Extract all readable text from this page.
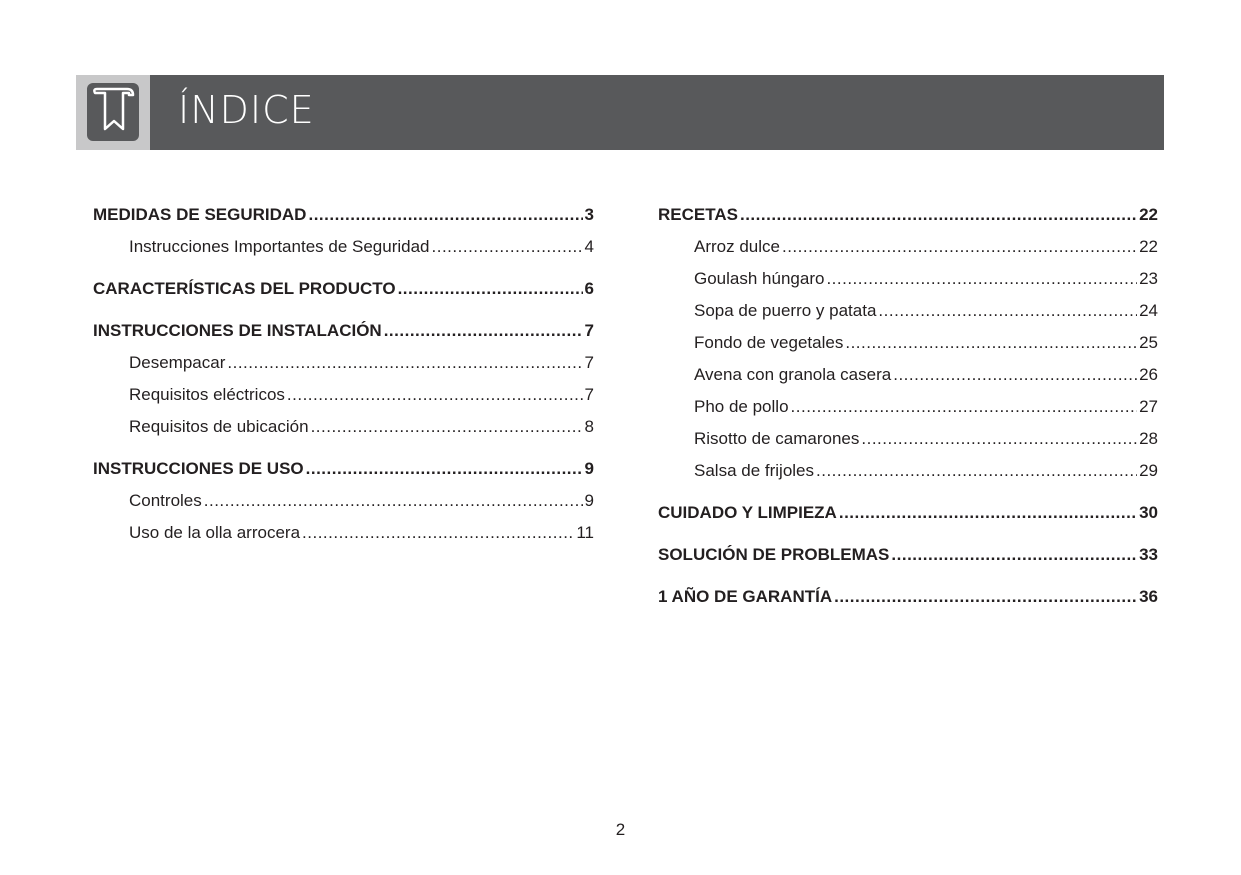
ÍNDICE
MEDIDAS DE SEGURIDAD .....	3
Instrucciones Importantes de Seguridad .....	4
CARACTERÍSTICAS DEL PRODUCTO .....	6
INSTRUCCIONES DE INSTALACIÓN .....	7
Desempacar .....	7
Requisitos eléctricos .....	7
Requisitos de ubicación .....	8
INSTRUCCIONES DE USO .....	9
Controles .....	9
Uso de la olla arrocera .....	11
RECETAS .....	22
Arroz dulce .....	22
Goulash húngaro .....	23
Sopa de puerro y patata .....	24
Fondo de vegetales .....	25
Avena con granola casera .....	26
Pho de pollo .....	27
Risotto de camarones .....	28
Salsa de frijoles .....	29
CUIDADO Y LIMPIEZA .....	30
SOLUCIÓN DE PROBLEMAS .....	33
1 AÑO DE GARANTÍA .....	36
2
